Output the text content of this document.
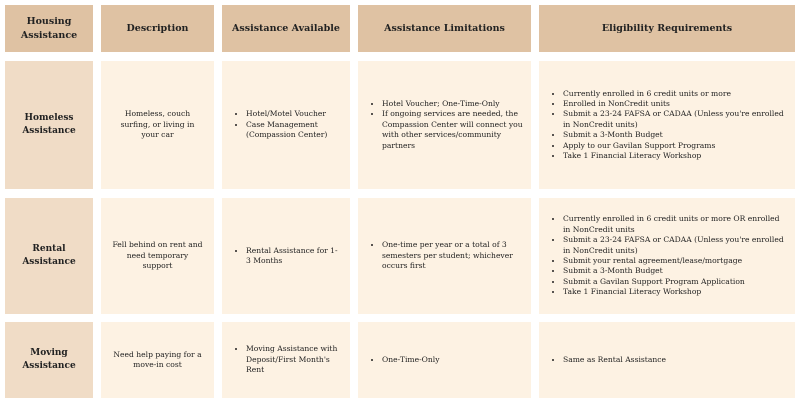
Housing Assistance
Description	Assistance Available	Assistance Limitations	Eligibility Requirements
Homeless Assistance
Homeless, couch surfing, or living in your car
• Hotel/Motel Voucher
• Case Management (Compassion Center)
• Hotel Voucher; One-Time-Only
• If ongoing services are needed, the Compassion Center will connect you with other services/community partners
• Currently enrolled in 6 credit units or more
• Enrolled in NonCredit units
• Submit a 23-24 FAFSA or CADAA (Unless you're enrolled in NonCredit units)
• Submit a 3-Month Budget
• Apply to our Gavilan Support Programs
• Take 1 Financial Literacy Workshop
Rental Assistance
Fell behind on rent and need temporary support
• Rental Assistance for 1-3 Months
• One-time per year or a total of 3 semesters per student; whichever occurs first
• Currently enrolled in 6 credit units or more OR enrolled in NonCredit units
• Submit a 23-24 FAFSA or CADAA (Unless you're enrolled in NonCredit units)
• Submit your rental agreement/lease/mortgage
• Submit a 3-Month Budget
• Submit a Gavilan Support Program Application
• Take 1 Financial Literacy Workshop
Moving Assistance
Need help paying for a move-in cost
• Moving Assistance with Deposit/First Month's Rent
• One-Time-Only
•	Same as Rental Assistance
